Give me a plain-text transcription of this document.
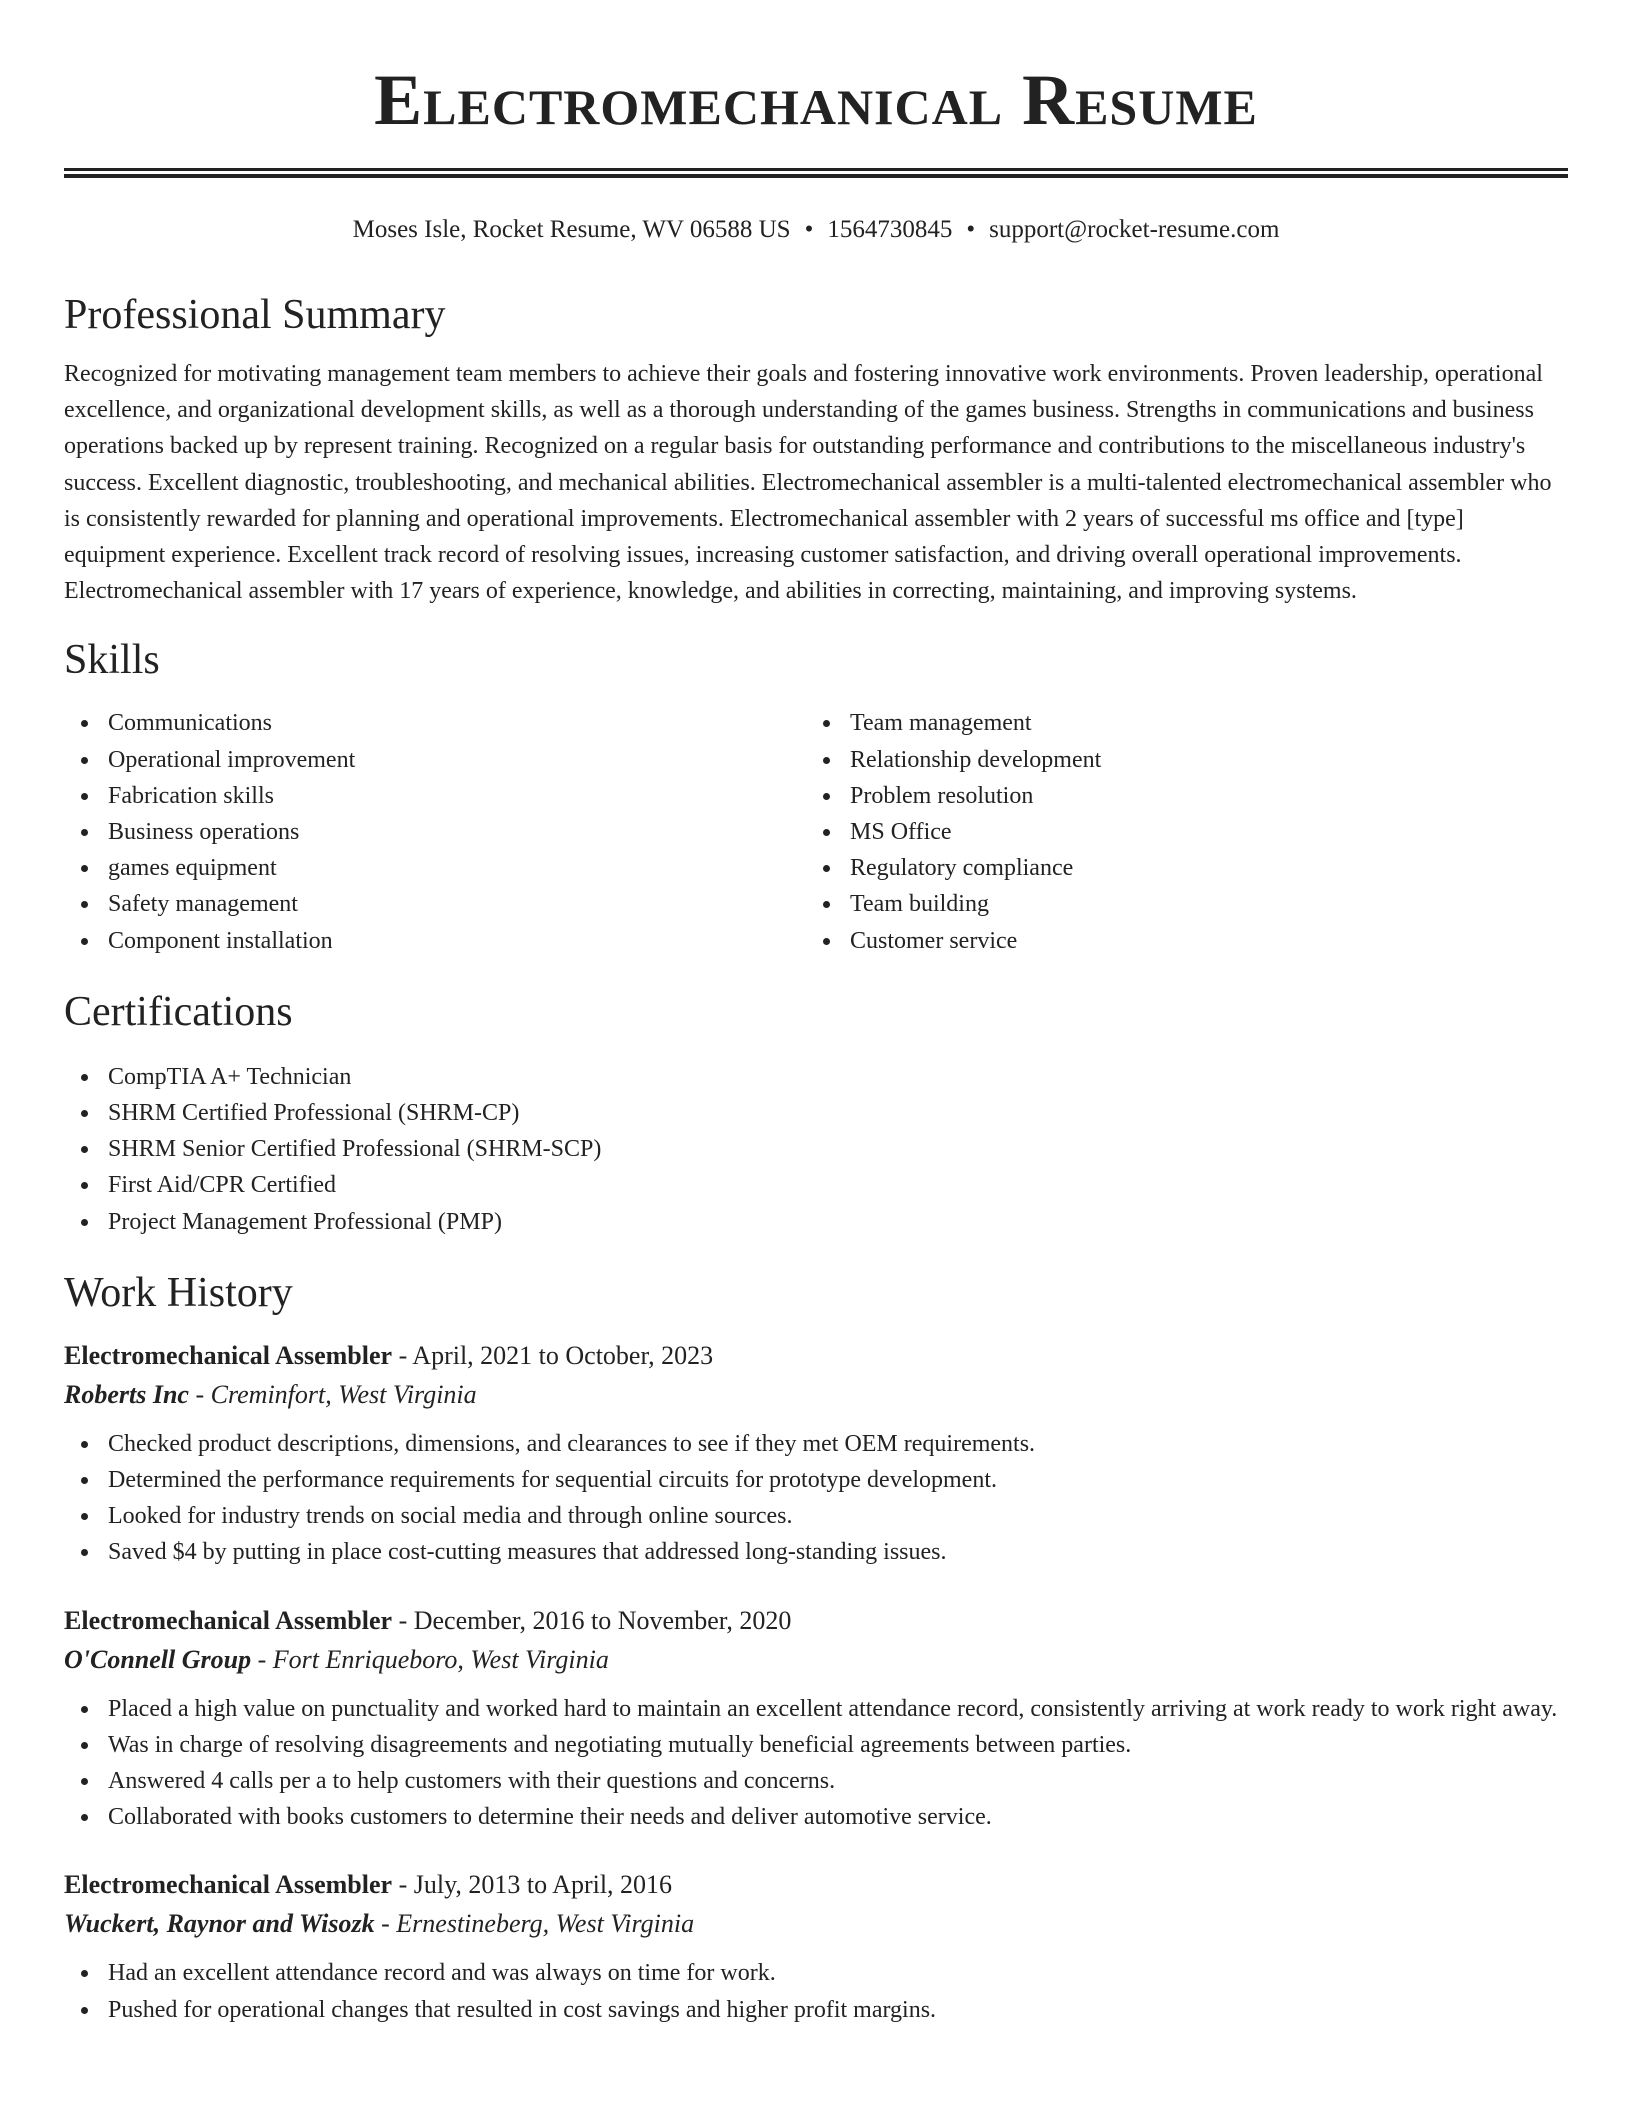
Electromechanical Resume
Moses Isle, Rocket Resume, WV 06588 US • 1564730845 • support@rocket-resume.com
Professional Summary

Recognized for motivating management team members to achieve their goals and fostering innovative work environments. Proven leadership, operational excellence, and organizational development skills, as well as a thorough understanding of the games business. Strengths in communications and business operations backed up by represent training. Recognized on a regular basis for outstanding performance and contributions to the miscellaneous industry's success. Excellent diagnostic, troubleshooting, and mechanical abilities. Electromechanical assembler is a multi-talented electromechanical assembler who is consistently rewarded for planning and operational improvements. Electromechanical assembler with 2 years of successful ms office and [type] equipment experience. Excellent track record of resolving issues, increasing customer satisfaction, and driving overall operational improvements. Electromechanical assembler with 17 years of experience, knowledge, and abilities in correcting, maintaining, and improving systems.

Skills
Communications
Operational improvement
Fabrication skills
Business operations
games equipment
Safety management
Component installation
Team management
Relationship development
Problem resolution
MS Office
Regulatory compliance
Team building
Customer service
Certifications
CompTIA A+ Technician
SHRM Certified Professional (SHRM-CP)
SHRM Senior Certified Professional (SHRM-SCP)
First Aid/CPR Certified
Project Management Professional (PMP)
Work History
Electromechanical Assembler - April, 2021 to October, 2023
Roberts Inc - Creminfort, West Virginia
Checked product descriptions, dimensions, and clearances to see if they met OEM requirements.
Determined the performance requirements for sequential circuits for prototype development.
Looked for industry trends on social media and through online sources.
Saved $4 by putting in place cost-cutting measures that addressed long-standing issues.
Electromechanical Assembler - December, 2016 to November, 2020
O'Connell Group - Fort Enriqueboro, West Virginia
Placed a high value on punctuality and worked hard to maintain an excellent attendance record, consistently arriving at work ready to work right away.
Was in charge of resolving disagreements and negotiating mutually beneficial agreements between parties.
Answered 4 calls per a to help customers with their questions and concerns.
Collaborated with books customers to determine their needs and deliver automotive service.
Electromechanical Assembler - July, 2013 to April, 2016
Wuckert, Raynor and Wisozk - Ernestineberg, West Virginia
Had an excellent attendance record and was always on time for work.
Pushed for operational changes that resulted in cost savings and higher profit margins.
